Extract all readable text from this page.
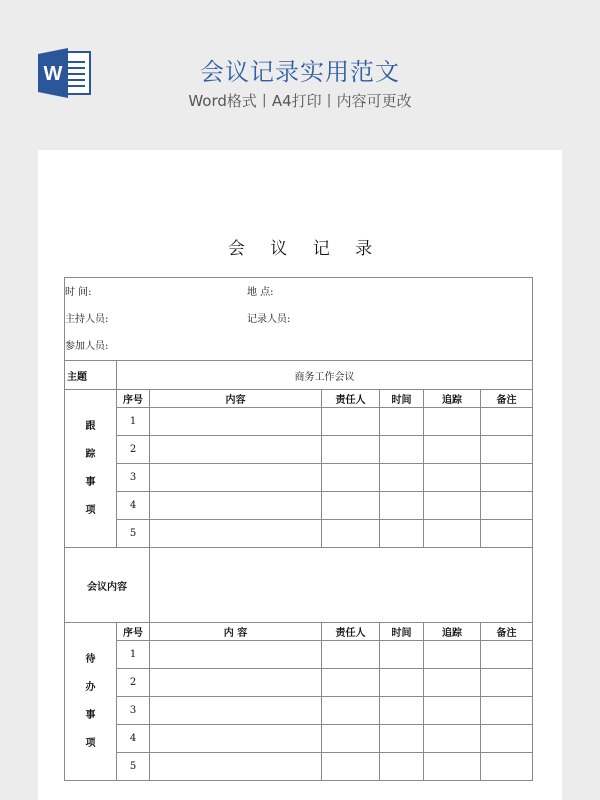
W	会议记录实用范文
Word格式丨A4打印丨内容可更改
会 议 记 录
时 间: 地 点:
主持人员: 记录人员:
参加人员:						

主题	商务工作会议					

跟
踪
事
项	序号	内容	责任人	时间	追踪	备注
	1					
	2					
	3					
	4					
	5					
会议内容						

待
办
事
项	序号	内 容	责任人	时间	追踪	备注
	1					
	2					
	3					
	4					
	5					
